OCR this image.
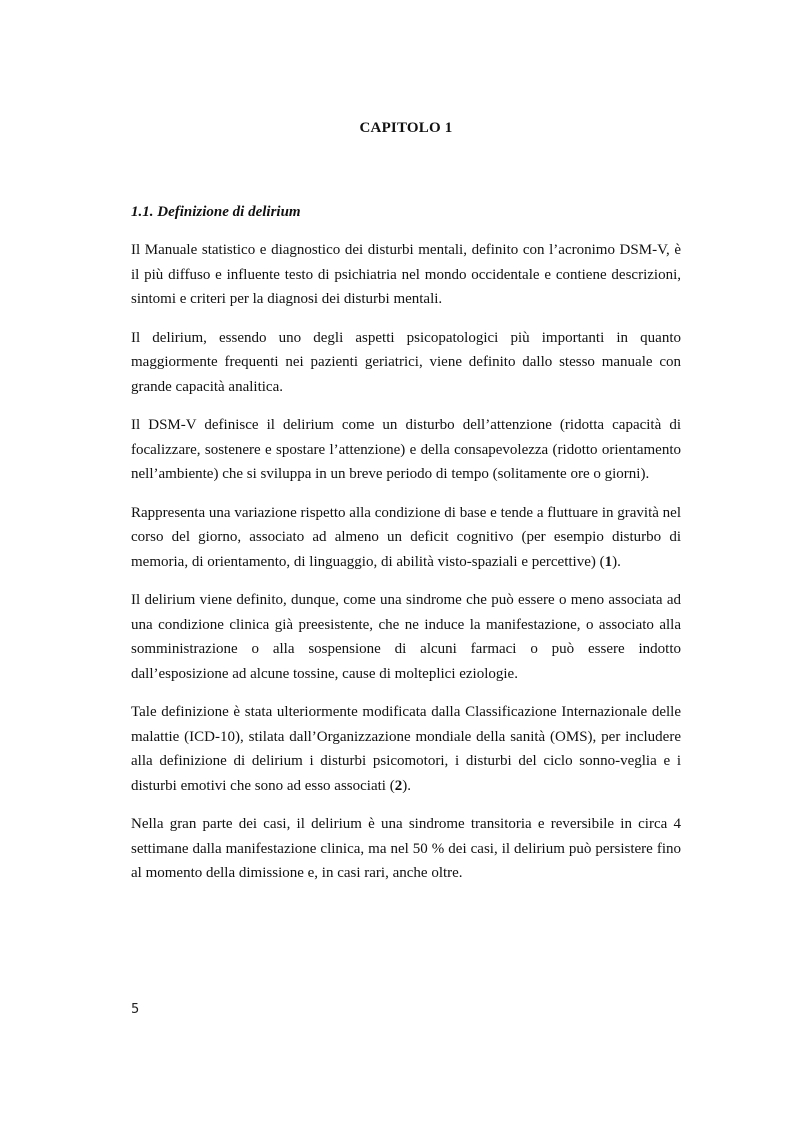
CAPITOLO 1
1.1. Definizione di delirium

Il Manuale statistico e diagnostico dei disturbi mentali, definito con l’acronimo DSM-V, è il più diffuso e influente testo di psichiatria nel mondo occidentale e contiene descrizioni, sintomi e criteri per la diagnosi dei disturbi mentali.

Il delirium, essendo uno degli aspetti psicopatologici più importanti in quanto maggiormente frequenti nei pazienti geriatrici, viene definito dallo stesso manuale con grande capacità analitica.

Il DSM-V definisce il delirium come un disturbo dell’attenzione (ridotta capacità di focalizzare, sostenere e spostare l’attenzione) e della consapevolezza (ridotto orientamento nell’ambiente) che si sviluppa in un breve periodo di tempo (solitamente ore o giorni).

Rappresenta una variazione rispetto alla condizione di base e tende a fluttuare in gravità nel corso del giorno, associato ad almeno un deficit cognitivo (per esempio disturbo di memoria, di orientamento, di linguaggio, di abilità visto-spaziali e percettive) (1).

Il delirium viene definito, dunque, come una sindrome che può essere o meno associata ad una condizione clinica già preesistente, che ne induce la manifestazione, o associato alla somministrazione o alla sospensione di alcuni farmaci o può essere indotto dall’esposizione ad alcune tossine, cause di molteplici eziologie.

Tale definizione è stata ulteriormente modificata dalla Classificazione Internazionale delle malattie (ICD-10), stilata dall’Organizzazione mondiale della sanità (OMS), per includere alla definizione di delirium i disturbi psicomotori, i disturbi del ciclo sonno-veglia e i disturbi emotivi che sono ad esso associati (2).

Nella gran parte dei casi, il delirium è una sindrome transitoria e reversibile in circa 4 settimane dalla manifestazione clinica, ma nel 50 % dei casi, il delirium può persistere fino al momento della dimissione e, in casi rari, anche oltre.

5
